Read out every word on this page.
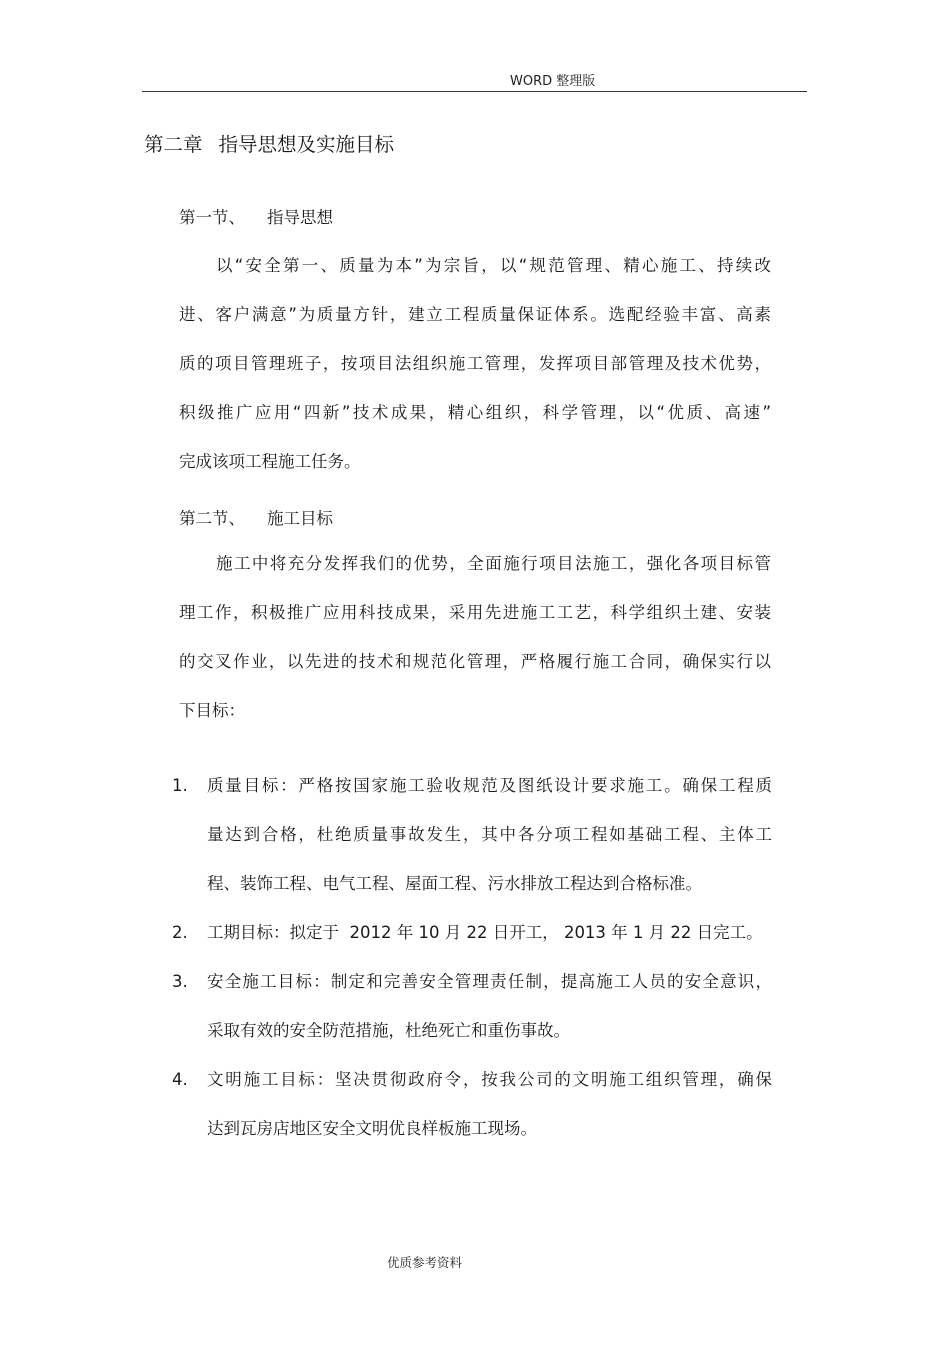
WORD 整理版
第二章 指导思想及实施目标
第一节、 指导思想
以“安全第一、质量为本”为宗旨，以“规范管理、精心施工、持续改
进、客户满意”为质量方针，建立工程质量保证体系。选配经验丰富、高素
质的项目管理班子，按项目法组织施工管理，发挥项目部管理及技术优势，
积级推广应用“四新”技术成果，精心组织，科学管理，以“优质、高速”
完成该项工程施工任务。
第二节、 施工目标
施工中将充分发挥我们的优势，全面施行项目法施工，强化各项目标管
理工作，积极推广应用科技成果，采用先进施工工艺，科学组织土建、安装
的交叉作业，以先进的技术和规范化管理，严格履行施工合同，确保实行以
下目标：
1.	质量目标：严格按国家施工验收规范及图纸设计要求施工。确保工程质
量达到合格，杜绝质量事故发生，其中各分项工程如基础工程、主体工
程、装饰工程、电气工程、屋面工程、污水排放工程达到合格标准。
2.	工期目标：拟定于  2012 年 10 月 22 日开工， 2013 年 1 月 22 日完工。
3.	安全施工目标：制定和完善安全管理责任制，提高施工人员的安全意识，
采取有效的安全防范措施，杜绝死亡和重伤事故。
4.	文明施工目标：坚决贯彻政府令，按我公司的文明施工组织管理，确保
达到瓦房店地区安全文明优良样板施工现场。
优质参考资料
